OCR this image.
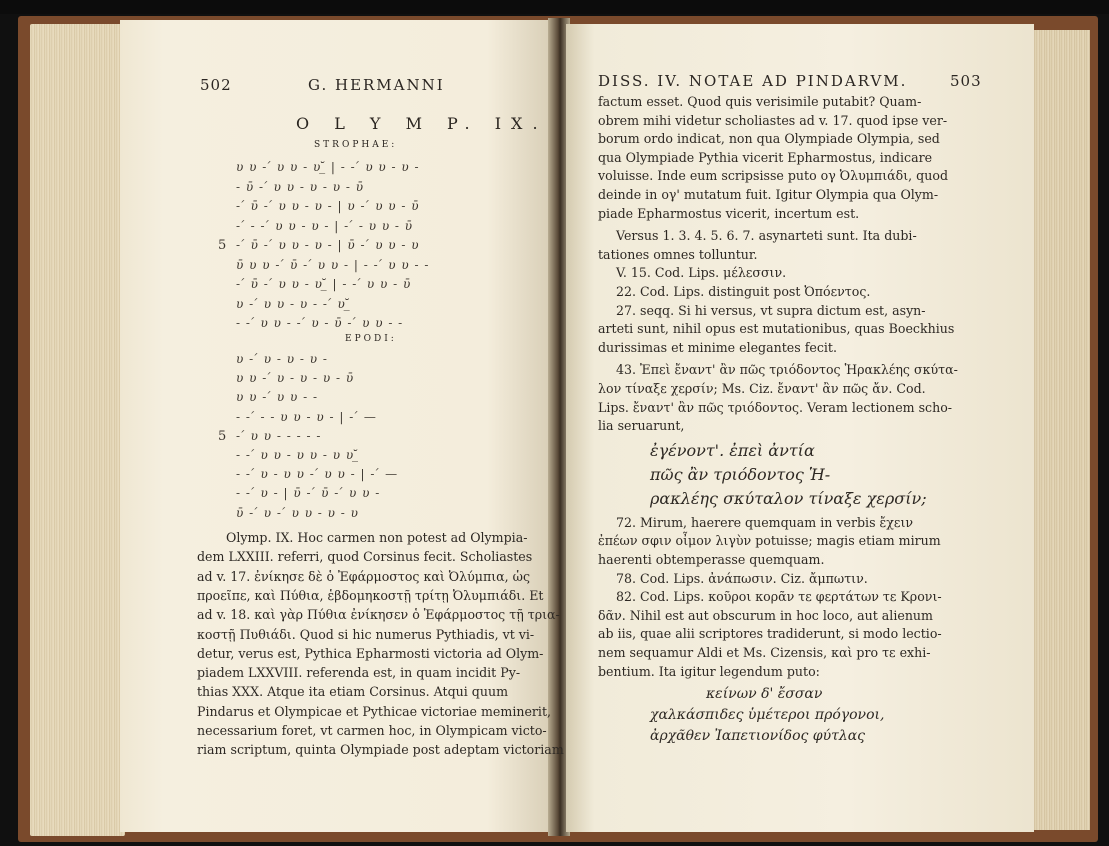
502	G. HERMANNI
O L Y M P. IX.
STROPHAE:
υ υ - ́ υ υ - υ ̲̆ | - - ́ υ υ - υ -
- ῡ - ́ υ υ - υ - υ - ῡ
- ́ ῡ - ́ υ υ - υ - | υ - ́ υ υ - ῡ
- ́ - - ́ υ υ - υ - | - ́ - υ υ - ῡ
5 - ́ ῡ - ́ υ υ - υ - | ῡ - ́ υ υ - υ
ῡ υ υ - ́ ῡ - ́ υ υ - | - - ́ υ υ - -
- ́ ῡ - ́ υ υ - υ ̲̆ | - - ́ υ υ - ῡ
υ - ́ υ υ - υ - - ́ υ ̲̆
- - ́ υ υ - - ́ υ - ῡ - ́ υ υ - -
EPODI:
υ - ́ υ - υ - υ -
υ υ - ́ υ - υ - υ - ῡ
υ υ - ́ υ υ - -
- - ́ - - υ υ - υ - | - ́ —
5 - ́ υ υ - - - - -
- - ́ υ υ - υ υ - υ υ ̲̆
- - ́ υ - υ υ - ́ υ υ - | - ́ —
- - ́ υ - | ῡ - ́ ῡ - ́ υ υ -
ῡ - ́ υ - ́ υ υ - υ - υ
Olymp. IX. Hoc carmen non potest ad Olympia-
dem LXXIII. referri, quod Corsinus fecit. Scholiastes
ad v. 17. ἐνίκησε δὲ ὁ Ἐφάρμοστος καὶ Ὀλύμπια, ὡς
προεῖπε, καὶ Πύθια, ἑβδομηκοστῇ τρίτῃ Ὀλυμπιάδι. Et
ad v. 18. καὶ γὰρ Πύθια ἐνίκησεν ὁ Ἐφάρμοστος τῇ τρια-
κοστῇ Πυθιάδι. Quod si hic numerus Pythiadis, vt vi-
detur, verus est, Pythica Epharmosti victoria ad Olym-
piadem LXXVIII. referenda est, in quam incidit Py-
thias XXX. Atque ita etiam Corsinus. Atqui quum
Pindarus et Olympicae et Pythicae victoriae meminerit,
necessarium foret, vt carmen hoc, in Olympicam victo-
riam scriptum, quinta Olympiade post adeptam victoriam
DISS. IV. NOTAE AD PINDARVM.	503
factum esset. Quod quis verisimile putabit? Quam-
obrem mihi videtur scholiastes ad v. 17. quod ipse ver-
borum ordo indicat, non qua Olympiade Olympia, sed
qua Olympiade Pythia vicerit Epharmostus, indicare
voluisse. Inde eum scripsisse puto ογ Ὀλυμπιάδι, quod
deinde in ογ' mutatum fuit. Igitur Olympia qua Olym-
piade Epharmostus vicerit, incertum est.
Versus 1. 3. 4. 5. 6. 7. asynarteti sunt. Ita dubi-
tationes omnes tolluntur.
V. 15. Cod. Lips. μέλεσσιν.
22. Cod. Lips. distinguit post Ὀπόεντος.
27. seqq. Si hi versus, vt supra dictum est, asyn-
arteti sunt, nihil opus est mutationibus, quas Boeckhius
durissimas et minime elegantes fecit.
43. Ἐπεὶ ἔναντ' ἂν πῶς τριόδοντος Ἡρακλέης σκύτα-
λον τίναξε χερσίν; Ms. Ciz. ἔναντ' ἂν πῶς ἄν. Cod.
Lips. ἔναντ' ἂν πῶς τριόδοντος. Veram lectionem scho-
lia seruarunt,
ἐγένοντ'. ἐπεὶ ἀντία
πῶς ἂν τριόδοντος Ἡ-
ρακλέης σκύταλον τίναξε χερσίν;
72. Mirum, haerere quemquam in verbis ἔχειν
ἐπέων σφιν οἶμον λιγὺν potuisse; magis etiam mirum
haerenti obtemperasse quemquam.
78. Cod. Lips. ἀνάπωσιν. Ciz. ἄμπωτιν.
82. Cod. Lips. κοῦροι κορᾶν τε φερτάτων τε Κρονι-
δᾶν. Nihil est aut obscurum in hoc loco, aut alienum
ab iis, quae alii scriptores tradiderunt, si modo lectio-
nem sequamur Aldi et Ms. Cizensis, καὶ pro τε exhi-
bentium. Ita igitur legendum puto:
κείνων δ' ἔσσαν
χαλκάσπιδες ὑμέτεροι πρόγονοι,
ἀρχᾶθεν Ἰαπετιονίδος φύτλας
